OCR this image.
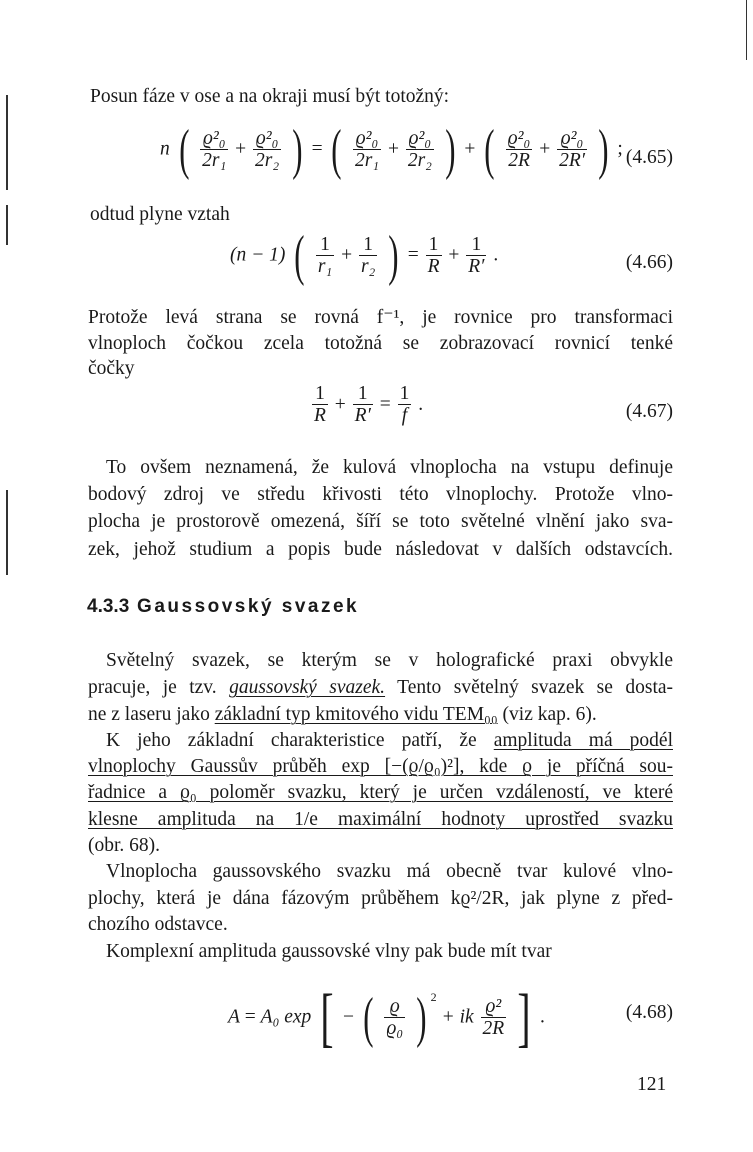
Posun fáze v ose a na okraji musí být totožný:
n ( $\frac{\text{ϱ²₀}}{\text{2r₁}} + \frac{\text{ϱ²₀}}{\text{2r₂}}$ ) = ( $\frac{\text{ϱ²₀}}{\text{2r₁}} + \frac{\text{ϱ²₀}}{\text{2r₂}}$ ) + ( $\frac{\text{ϱ²₀}}{2R} + \frac{\text{ϱ²₀}}{2R'}$ ) ; (4.65)
odtud plyne vztah
(n − 1) ( $\frac{1}{\text{r₁}} + \frac{1}{\text{r₂}}$ ) = $\frac{1}{R} + \frac{1}{R'}$ .	(4.66)
Protože levá strana se rovná f⁻¹, je rovnice pro transformaci
vlnoploch čočkou zcela totožná se zobrazovací rovnicí tenké
čočky
$\frac{1}{R} + \frac{1}{R'} = \frac{1}{f}$ .	(4.67)
To ovšem neznamená, že kulová vlnoplocha na vstupu definuje
bodový zdroj ve středu křivosti této vlnoplochy. Protože vlno-
plocha je prostorově omezená, šíří se toto světelné vlnění jako sva-
zek, jehož studium a popis bude následovat v dalších odstavcích.
4.3.3 Gaussovský svazek
Světelný svazek, se kterým se v holografické praxi obvykle
pracuje, je tzv. gaussovský svazek. Tento světelný svazek se dosta-
ne z laseru jako základní typ kmitového vidu TEM₀₀ (viz kap. 6).
K jeho základní charakteristice patří, že amplituda má podél
vlnoplochy Gaussův průběh exp [−(ϱ/ϱ₀)²], kde ϱ je příčná sou-
řadnice a ϱ₀ poloměr svazku, který je určen vzdáleností, ve které
klesne amplituda na 1/e maximální hodnoty uprostřed svazku
(obr. 68).
Vlnoplocha gaussovského svazku má obecně tvar kulové vlno-
plochy, která je dána fázovým průběhem kϱ²/2R, jak plyne z před-
chozího odstavce.
Komplexní amplituda gaussovské vlny pak bude mít tvar
A = A₀ exp [ − ( $\frac{ϱ}{\text{ϱ₀}}$ ) $^2$ + ik $\frac{\text{ϱ²}}{2R}$ ] .	(4.68)
121
